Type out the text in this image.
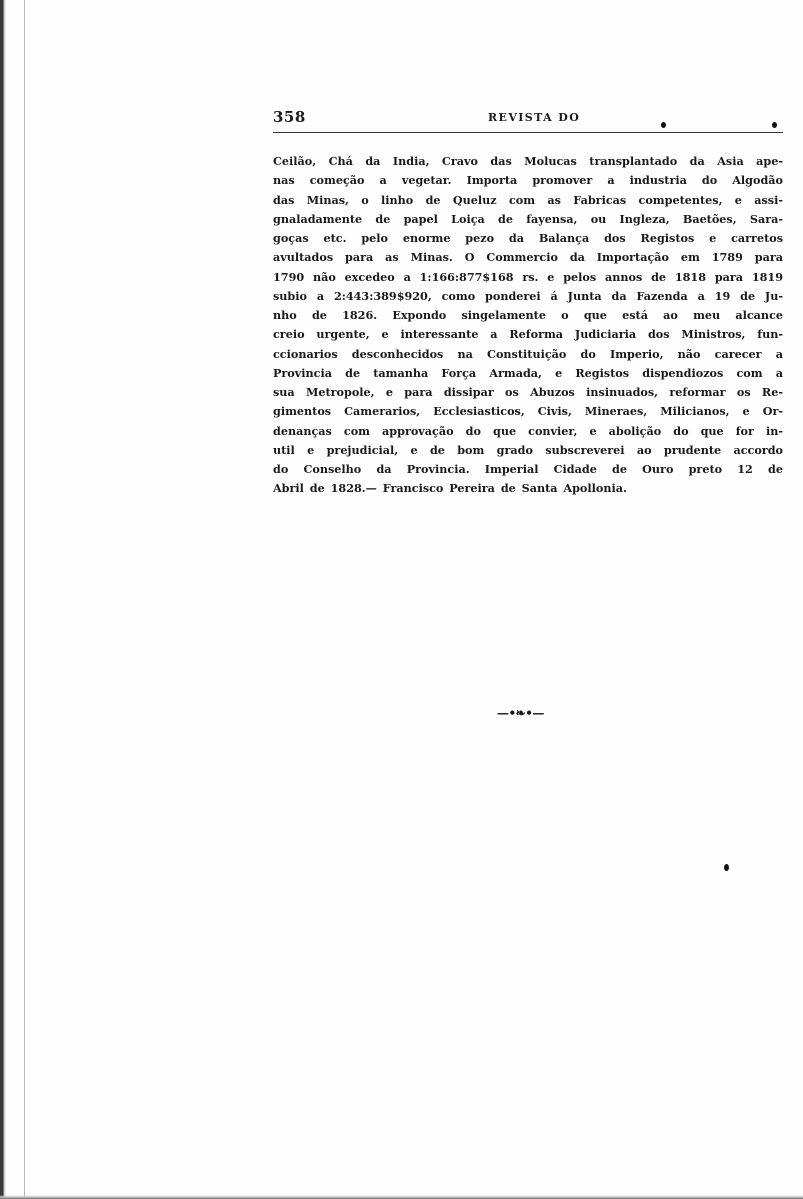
358	REVISTA DO
Ceilão, Chá da India, Cravo das Molucas transplantado da Asia ape-
nas começão a vegetar. Importa promover a industria do Algodão
das Minas, o linho de Queluz com as Fabricas competentes, e assi-
gnaladamente de papel Loiça de fayensa, ou Ingleza, Baetões, Sara-
goças etc. pelo enorme pezo da Balança dos Registos e carretos
avultados para as Minas. O Commercio da Importação em 1789 para
1790 não excedeo a 1:166:877$168 rs. e pelos annos de 1818 para 1819
subio a 2:443:389$920, como ponderei á Junta da Fazenda a 19 de Ju-
nho de 1826. Expondo singelamente o que está ao meu alcance
creio urgente, e interessante a Reforma Judiciaria dos Ministros, fun-
ccionarios desconhecidos na Constituição do Imperio, não carecer a
Provincia de tamanha Força Armada, e Registos dispendiozos com a
sua Metropole, e para dissipar os Abuzos insinuados, reformar os Re-
gimentos Camerarios, Ecclesiasticos, Civis, Mineraes, Milicianos, e Or-
denanças com approvação do que convier, e abolição do que for in-
util e prejudicial, e de bom grado subscreverei ao prudente accordo
do Conselho da Provincia. Imperial Cidade de Ouro preto 12 de
Abril de 1828.— Francisco Pereira de Santa Apollonia.
—•❧•—
